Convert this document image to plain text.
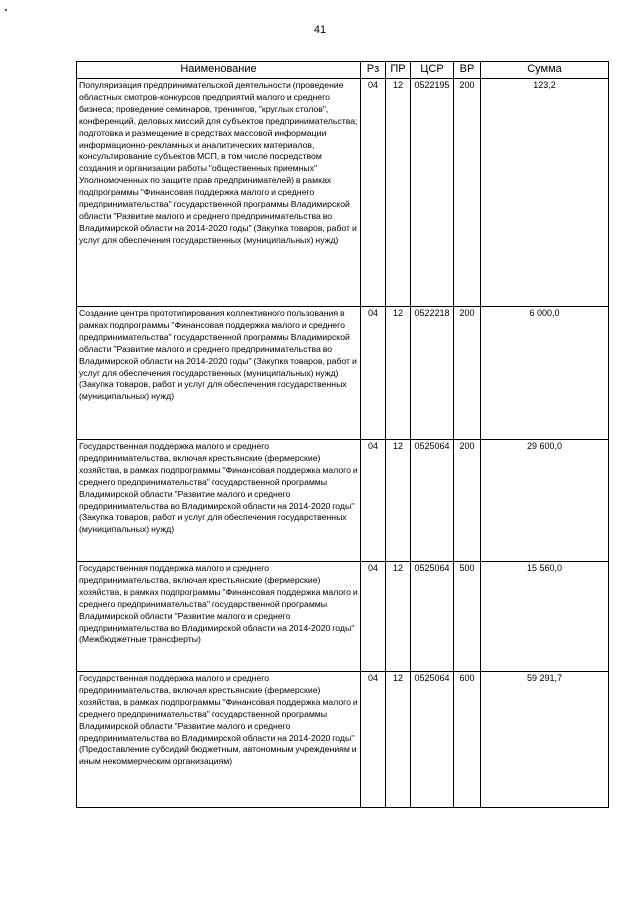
41
Наименование	Рз	ПР	ЦСР	ВР	Сумма
Популяризация предпринимательской деятельности (проведение областных смотров-конкурсов предприятий малого и среднего бизнеса; проведение семинаров, тренингов, "круглых столов", конференций, деловых миссий для субъектов предпринимательства; подготовка и размещение в средствах массовой информации информационно-рекламных и аналитических материалов, консультирование субъектов МСП, в том числе посредством создания и организации работы "общественных приемных" Уполномоченных по защите прав предпринимателей) в рамках подпрограммы "Финансовая поддержка малого и среднего предпринимательства" государственной программы Владимирской области "Развитие малого и среднего предпринимательства во Владимирской области на 2014-2020 годы" (Закупка товаров, работ и услуг для обеспечения государственных (муниципальных) нужд)	04	12	0522195	200	123,2
Создание центра прототипирования коллективного пользования в рамках подпрограммы "Финансовая поддержка малого и среднего предпринимательства" государственной программы Владимирской области "Развитие малого и среднего предпринимательства во Владимирской области на 2014-2020 годы" (Закупка товаров, работ и услуг для обеспечения государственных (муниципальных) нужд) (Закупка товаров, работ и услуг для обеспечения государственных (муниципальных) нужд)	04	12	0522218	200	6 000,0
Государственная поддержка малого и среднего предпринимательства, включая крестьянские (фермерские) хозяйства, в рамках подпрограммы "Финансовая поддержка малого и среднего предпринимательства" государственной программы Владимирской области "Развитие малого и среднего предпринимательства во Владимирской области на 2014-2020 годы" (Закупка товаров, работ и услуг для обеспечения государственных (муниципальных) нужд)	04	12	0525064	200	29 600,0
Государственная поддержка малого и среднего предпринимательства, включая крестьянские (фермерские) хозяйства, в рамках подпрограммы "Финансовая поддержка малого и среднего предпринимательства" государственной программы Владимирской области "Развитие малого и среднего предпринимательства во Владимирской области на 2014-2020 годы" (Межбюджетные трансферты)	04	12	0525064	500	15 560,0
Государственная поддержка малого и среднего предпринимательства, включая крестьянские (фермерские) хозяйства, в рамках подпрограммы "Финансовая поддержка малого и среднего предпринимательства" государственной программы Владимирской области "Развитие малого и среднего предпринимательства во Владимирской области на 2014-2020 годы" (Предоставление субсидий бюджетным, автономным учреждениям и иным некоммерческим организациям)	04	12	0525064	600	59 291,7
